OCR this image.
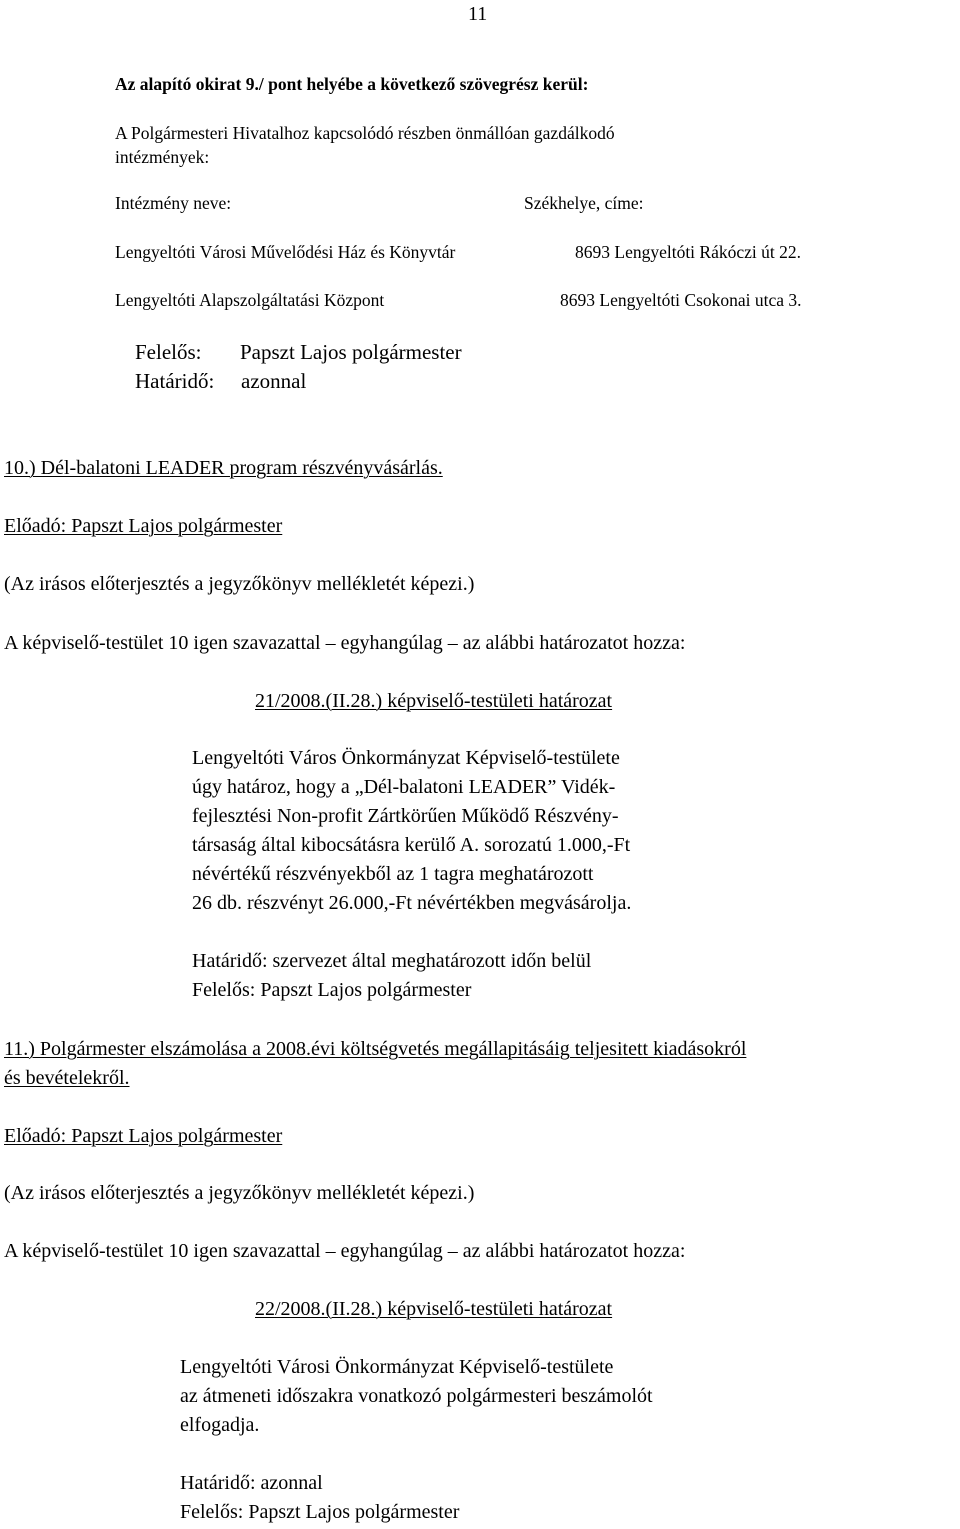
11
Az alapító okirat 9./ pont helyébe a következő szövegrész kerül:
A Polgármesteri Hivatalhoz kapcsolódó részben önmállóan gazdálkodó
intézmények:
Intézmény neve:	Székhelye, címe:
Lengyeltóti Városi Művelődési Ház és Könyvtár	8693 Lengyeltóti Rákóczi út 22.
Lengyeltóti Alapszolgáltatási Központ	8693 Lengyeltóti Csokonai utca 3.
Felelős: Papszt Lajos polgármester
Határidő: azonnal
10.) Dél-balatoni LEADER program részvényvásárlás.
Előadó: Papszt Lajos polgármester
(Az irásos előterjesztés a jegyzőkönyv mellékletét képezi.)
A képviselő-testület 10 igen szavazattal – egyhangúlag – az alábbi határozatot hozza:
21/2008.(II.28.) képviselő-testületi határozat
Lengyeltóti Város Önkormányzat Képviselő-testülete
úgy határoz, hogy a „Dél-balatoni LEADER” Vidék-
fejlesztési Non-profit Zártkörűen Működő Részvény-
társaság által kibocsátásra kerülő A. sorozatú 1.000,-Ft
névértékű részvényekből az 1 tagra meghatározott
26 db. részvényt 26.000,-Ft névértékben megvásárolja.
Határidő: szervezet által meghatározott időn belül
Felelős: Papszt Lajos polgármester
11.) Polgármester elszámolása a 2008.évi költségvetés megállapitásáig teljesitett kiadásokról
és bevételekről.
Előadó: Papszt Lajos polgármester
(Az irásos előterjesztés a jegyzőkönyv mellékletét képezi.)
A képviselő-testület 10 igen szavazattal – egyhangúlag – az alábbi határozatot hozza:
22/2008.(II.28.) képviselő-testületi határozat
Lengyeltóti Városi Önkormányzat Képviselő-testülete
az átmeneti időszakra vonatkozó polgármesteri beszámolót
elfogadja.
Határidő: azonnal
Felelős: Papszt Lajos polgármester
